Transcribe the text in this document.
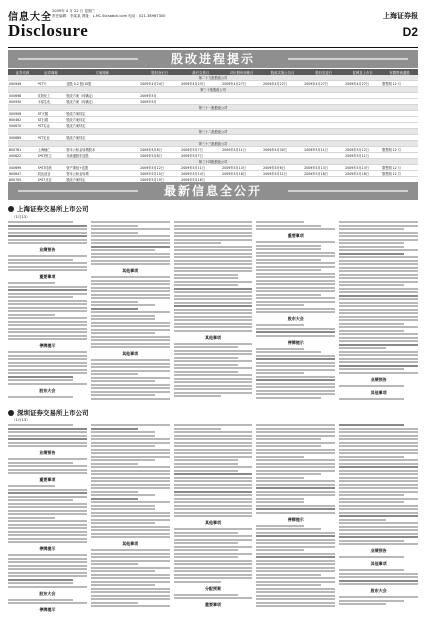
信息大全
2009年 4 月 22 日 星期三
责任编辑：李某某 网址：L.HC.Stcsabck.com 电话：021-38967300
Disclosure
上海证券报
D2
股改进程提示
证券代码	证券简称	方案简称	股权登记日	最后交易日	对价股份到账日	股改实施公告日	股权变更日	复牌及上市日	有限售流通股
第二十九批股改公司									
000949	*ST兴	送股 0.2 股/10股	2009年4月24日	2009年4月23日	2009年4月27日	2009年4月22日	2009年4月27日	2009年4月27日	限售期 12 月
第三十批股改公司									
000698	沈阳化工	股改方案（待确定）	2009年5月						
000930	丰原生化	股改方案（待确定）	2009年5月						
第三十一批股改公司									
000908	ST天鹅	股改方案待定							
600462	ST石砚	股改方案待定							
000670	*ST实达	股改方案待定							
第三十二批股改公司									
000689	*ST宏业	股改方案待定							
第三十三批股改公司									
600781	上海辅仁	资本公积金转增股本	2009年5月8日	2009年5月7日	2009年5月11日	2009年4月30日	2009年5月11日	2009年5月12日	限售期 12 月
000622	S*ST恒立	非流通股东送股	2009年5月8日	2009年5月7日				2009年5月11日	
第三十四批股改公司									
000699	S*ST佳纸	资产重组+送股	2009年5月12日	2009年5月11日	2009年5月13日	2009年5月6日	2009年5月13日	2009年5月13日	限售期 12 月
600647	同达创业	资本公积金转增	2009年5月15日	2009年5月14日	2009年5月18日	2009年5月11日	2009年5月18日	2009年5月18日	限售期 12 月
600705	S*ST北亚	股改方案待定	2009年5月19日	2009年5月18日					
最新信息全公开
上海证券交易所上市公司
（1月13）
业绩预告
重要事项
停牌提示
股东大会
其他事项
其他事项
其他事项
重要事项
股东大会
停牌提示
业绩预告
其他事项
深圳证券交易所上市公司
（1月13）
业绩预告
重要事项
停牌提示
股东大会
停牌提示
其他事项
其他事项
分配预案
重要事项
停牌提示
业绩预告
其他事项
股东大会
